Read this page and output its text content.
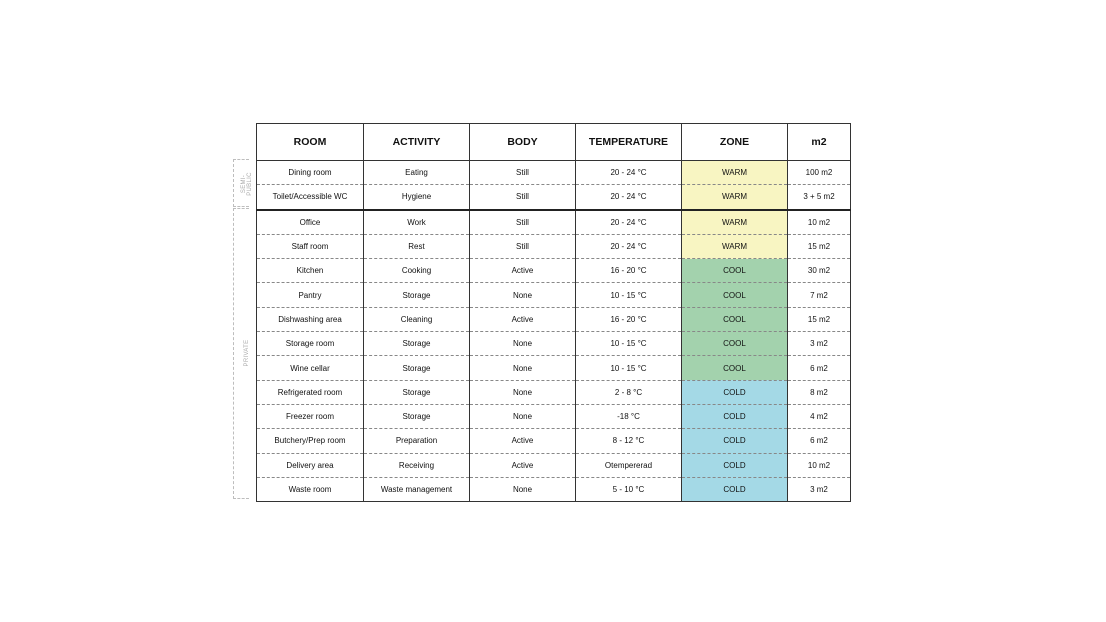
SEMI-PUBLIC
PRIVATE
ROOM	ACTIVITY	BODY	TEMPERATURE	ZONE	m2
Dining room	Eating	Still	20 - 24 °C	WARM	100 m2
Toilet/Accessible WC	Hygiene	Still	20 - 24 °C	WARM	3 + 5 m2
Office	Work	Still	20 - 24 °C	WARM	10 m2
Staff room	Rest	Still	20 - 24 °C	WARM	15 m2
Kitchen	Cooking	Active	16 - 20 °C	COOL	30 m2
Pantry	Storage	None	10 - 15 °C	COOL	7 m2
Dishwashing area	Cleaning	Active	16 - 20 °C	COOL	15 m2
Storage room	Storage	None	10 - 15 °C	COOL	3 m2
Wine cellar	Storage	None	10 - 15 °C	COOL	6 m2
Refrigerated room	Storage	None	2 - 8 °C	COLD	8 m2
Freezer room	Storage	None	-18 °C	COLD	4 m2
Butchery/Prep room	Preparation	Active	8 - 12 °C	COLD	6 m2
Delivery area	Receiving	Active	Otempererad	COLD	10 m2
Waste room	Waste management	None	5 - 10 °C	COLD	3 m2
